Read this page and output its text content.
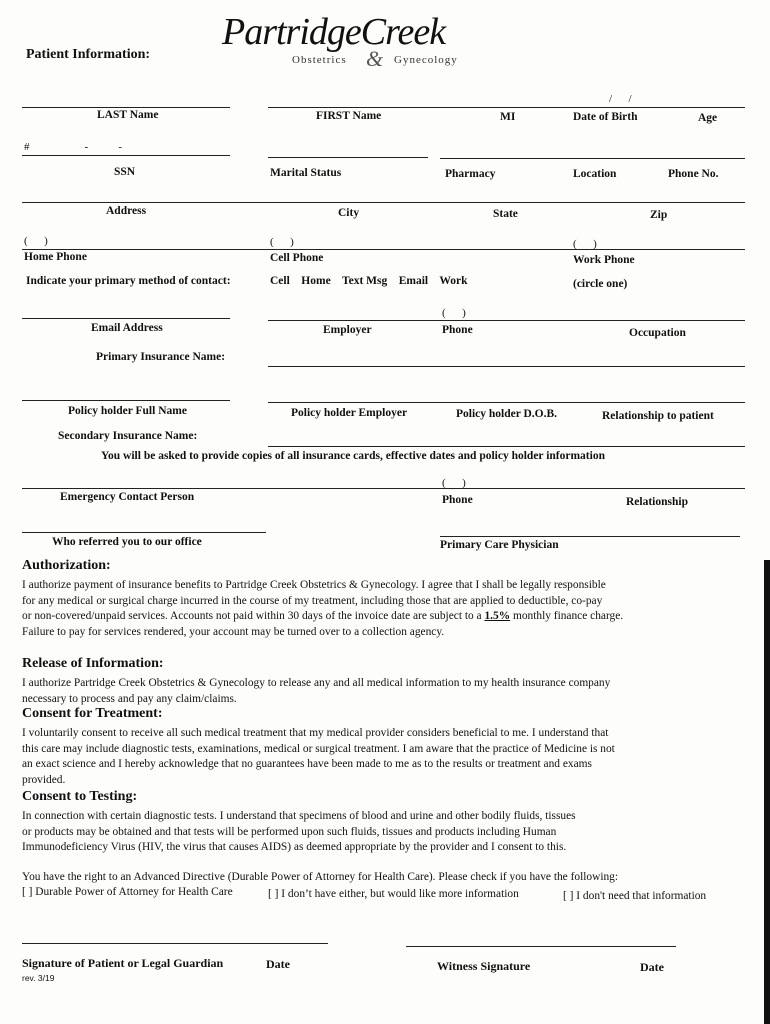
Patient Information:
PartridgeCreek
Obstetrics & Gynecology
/      /
LAST Name	FIRST Name	MI	Date of Birth	Age
#                    -           -
SSN	Marital Status	Pharmacy	Location	Phone No.
Address	City	State	Zip
(      )	(      )	(      )
Home Phone	Cell Phone	Work Phone
Indicate your primary method of contact:	Cell    Home    Text Msg    Email    Work	(circle one)
(      )
Email Address	Employer	Phone	Occupation
Primary Insurance Name:
Policy holder Full Name	Policy holder Employer	Policy holder D.O.B.	Relationship to patient
Secondary Insurance Name:
You will be asked to provide copies of all insurance cards, effective dates and policy holder information
(      )
Emergency Contact Person	Phone	Relationship
Who referred you to our office	Primary Care Physician
Authorization:

I authorize payment of insurance benefits to Partridge Creek Obstetrics & Gynecology. I agree that I shall be legally responsible

for any medical or surgical charge incurred in the course of my treatment, including those that are applied to deductible, co-pay

or non-covered/unpaid services. Accounts not paid within 30 days of the invoice date are subject to a 1.5% monthly finance charge.

Failure to pay for services rendered, your account may be turned over to a collection agency.

Release of Information:

I authorize Partridge Creek Obstetrics & Gynecology to release any and all medical information to my health insurance company

necessary to process and pay any claim/claims.

Consent for Treatment:

I voluntarily consent to receive all such medical treatment that my medical provider considers beneficial to me. I understand that

this care may include diagnostic tests, examinations, medical or surgical treatment. I am aware that the practice of Medicine is not

an exact science and I hereby acknowledge that no guarantees have been made to me as to the results or treatment and exams

provided.

Consent to Testing:

In connection with certain diagnostic tests. I understand that specimens of blood and urine and other bodily fluids, tissues

or products may be obtained and that tests will be performed upon such fluids, tissues and products including Human

Immunodeficiency Virus (HIV, the virus that causes AIDS) as deemed appropriate by the provider and I consent to this.

You have the right to an Advanced Directive (Durable Power of Attorney for Health Care). Please check if you have the following:
[ ] Durable Power of Attorney for Health Care	[ ] I don’t have either, but would like more information	[ ] I don't need that information
Signature of Patient or Legal Guardian	Date	Witness Signature	Date
rev. 3/19
